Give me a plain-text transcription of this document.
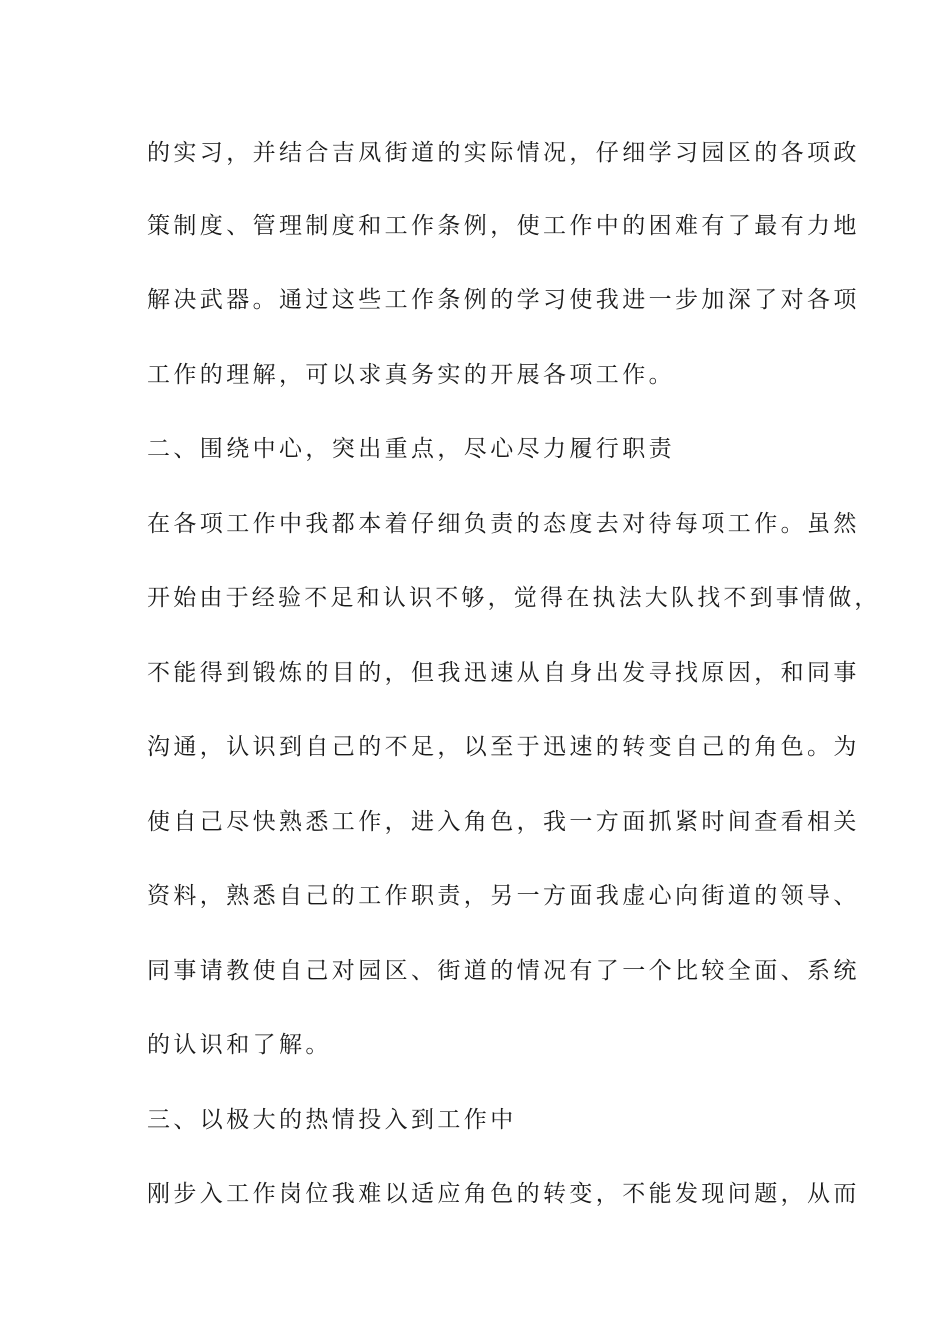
的实习，并结合吉凤街道的实际情况，仔细学习园区的各项政
策制度、管理制度和工作条例，使工作中的困难有了最有力地
解决武器。通过这些工作条例的学习使我进一步加深了对各项
工作的理解，可以求真务实的开展各项工作。
二、围绕中心，突出重点，尽心尽力履行职责
在各项工作中我都本着仔细负责的态度去对待每项工作。虽然
开始由于经验不足和认识不够，觉得在执法大队找不到事情做，
不能得到锻炼的目的，但我迅速从自身出发寻找原因，和同事
沟通，认识到自己的不足，以至于迅速的转变自己的角色。为
使自己尽快熟悉工作，进入角色，我一方面抓紧时间查看相关
资料，熟悉自己的工作职责，另一方面我虚心向街道的领导、
同事请教使自己对园区、街道的情况有了一个比较全面、系统
的认识和了解。
三、以极大的热情投入到工作中
刚步入工作岗位我难以适应角色的转变，不能发现问题，从而
